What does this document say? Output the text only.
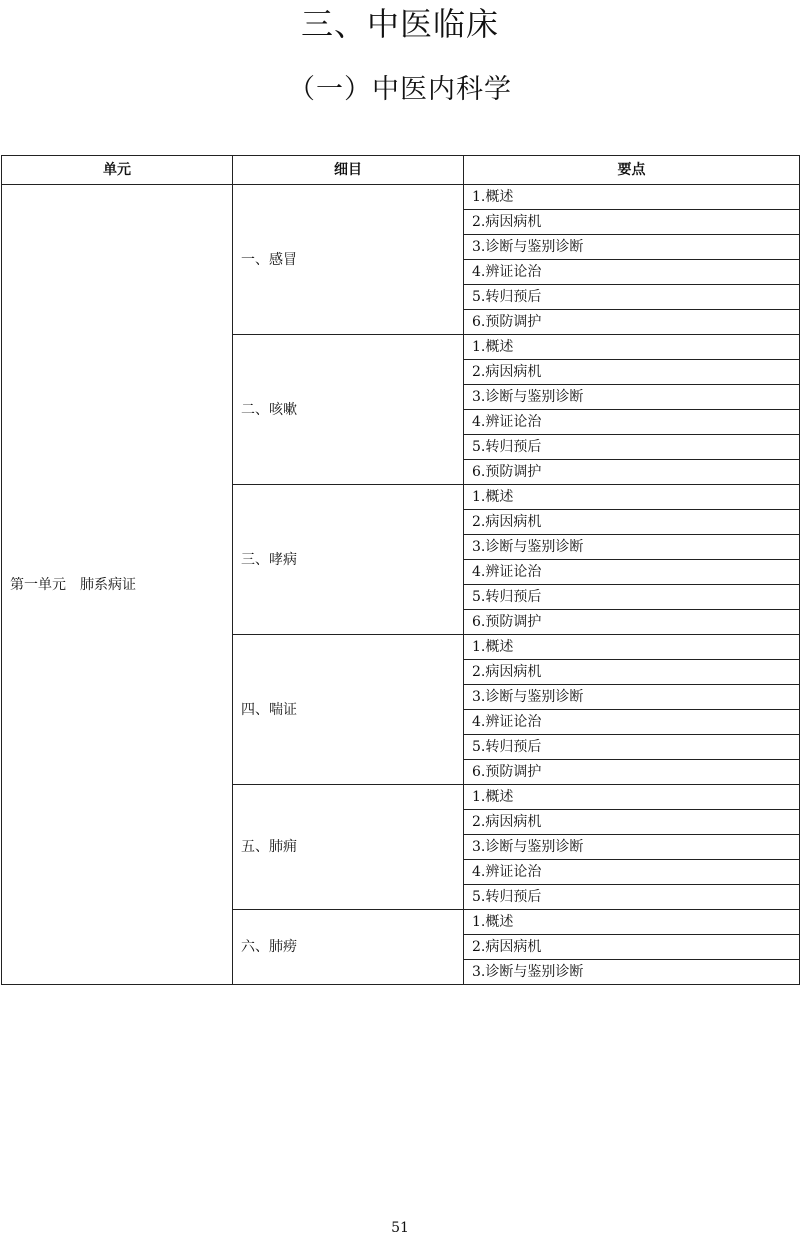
三、中医临床
（一）中医内科学
单元	细目	要点
第一单元　肺系病证	一、感冒	1.概述
		2.病因病机
		3.诊断与鉴别诊断
		4.辨证论治
		5.转归预后
		6.预防调护
	二、咳嗽	1.概述
		2.病因病机
		3.诊断与鉴别诊断
		4.辨证论治
		5.转归预后
		6.预防调护
	三、哮病	1.概述
		2.病因病机
		3.诊断与鉴别诊断
		4.辨证论治
		5.转归预后
		6.预防调护
	四、喘证	1.概述
		2.病因病机
		3.诊断与鉴别诊断
		4.辨证论治
		5.转归预后
		6.预防调护
	五、肺痈	1.概述
		2.病因病机
		3.诊断与鉴别诊断
		4.辨证论治
		5.转归预后
	六、肺痨	1.概述
		2.病因病机
		3.诊断与鉴别诊断
51
